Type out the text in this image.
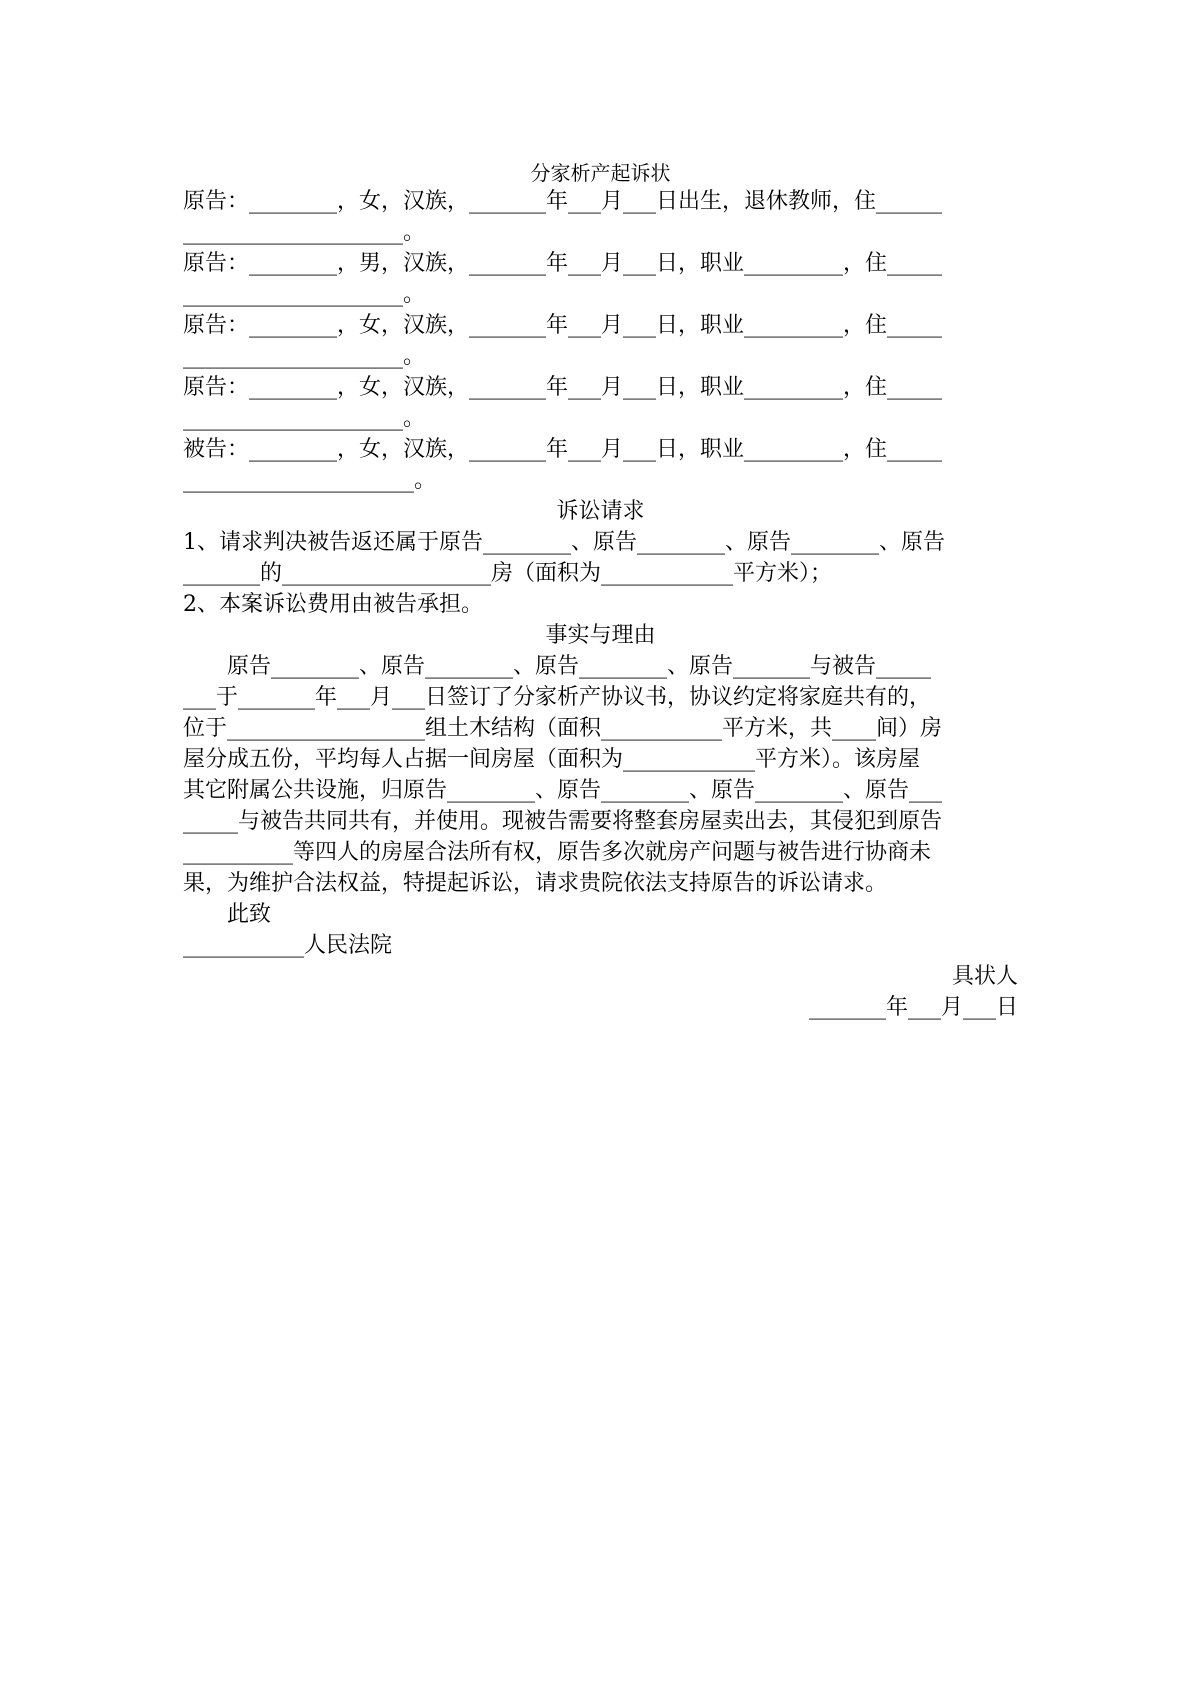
分家析产起诉状
原告：________，女，汉族，_______年___月___日出生，退休教师，住______
____________________。
原告：________，男，汉族，_______年___月___日，职业_________，住_____
____________________。
原告：________，女，汉族，_______年___月___日，职业_________，住_____
____________________。
原告：________，女，汉族，_______年___月___日，职业_________，住_____
____________________。
被告：________，女，汉族，_______年___月___日，职业_________，住_____
_____________________。
诉讼请求
1、请求判决被告返还属于原告________、原告________、原告________、原告
_______的___________________房（面积为____________平方米）；
2、本案诉讼费用由被告承担。
事实与理由
原告________、原告________、原告________、原告_______与被告_____
___于_______年___月___日签订了分家析产协议书，协议约定将家庭共有的，
位于__________________组土木结构（面积___________平方米，共____间）房
屋分成五份，平均每人占据一间房屋（面积为____________平方米）。该房屋
其它附属公共设施，归原告________、原告________、原告________、原告___
_____与被告共同共有，并使用。现被告需要将整套房屋卖出去，其侵犯到原告
__________等四人的房屋合法所有权，原告多次就房产问题与被告进行协商未
果，为维护合法权益，特提起诉讼，请求贵院依法支持原告的诉讼请求。
此致
___________人民法院
具状人
_______年___月___日
